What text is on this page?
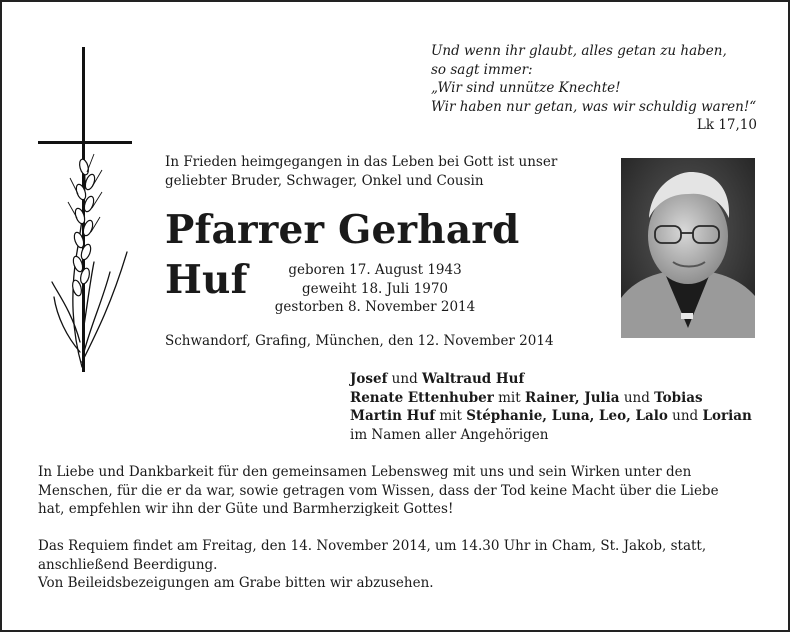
Und wenn ihr glaubt, alles getan zu haben,
so sagt immer:
„Wir sind unnütze Knechte!
Wir haben nur getan, was wir schuldig waren!“
Lk 17,10
In Frieden heimgegangen in das Leben bei Gott ist unser
geliebter Bruder, Schwager, Onkel und Cousin
Pfarrer Gerhard Huf	geboren 17. August 1943
geweiht 18. Juli 1970
gestorben 8. November 2014
Schwandorf, Grafing, München, den 12. November 2014
Josef und Waltraud Huf
Renate Ettenhuber mit Rainer, Julia und Tobias
Martin Huf mit Stéphanie, Luna, Leo, Lalo und Lorian
im Namen aller Angehörigen
In Liebe und Dankbarkeit für den gemeinsamen Lebensweg mit uns und sein Wirken unter den
Menschen, für die er da war, sowie getragen vom Wissen, dass der Tod keine Macht über die Liebe
hat, empfehlen wir ihn der Güte und Barmherzigkeit Gottes!
Das Requiem findet am Freitag, den 14. November 2014, um 14.30 Uhr in Cham, St. Jakob, statt,
anschließend Beerdigung.
Von Beileidsbezeigungen am Grabe bitten wir abzusehen.
